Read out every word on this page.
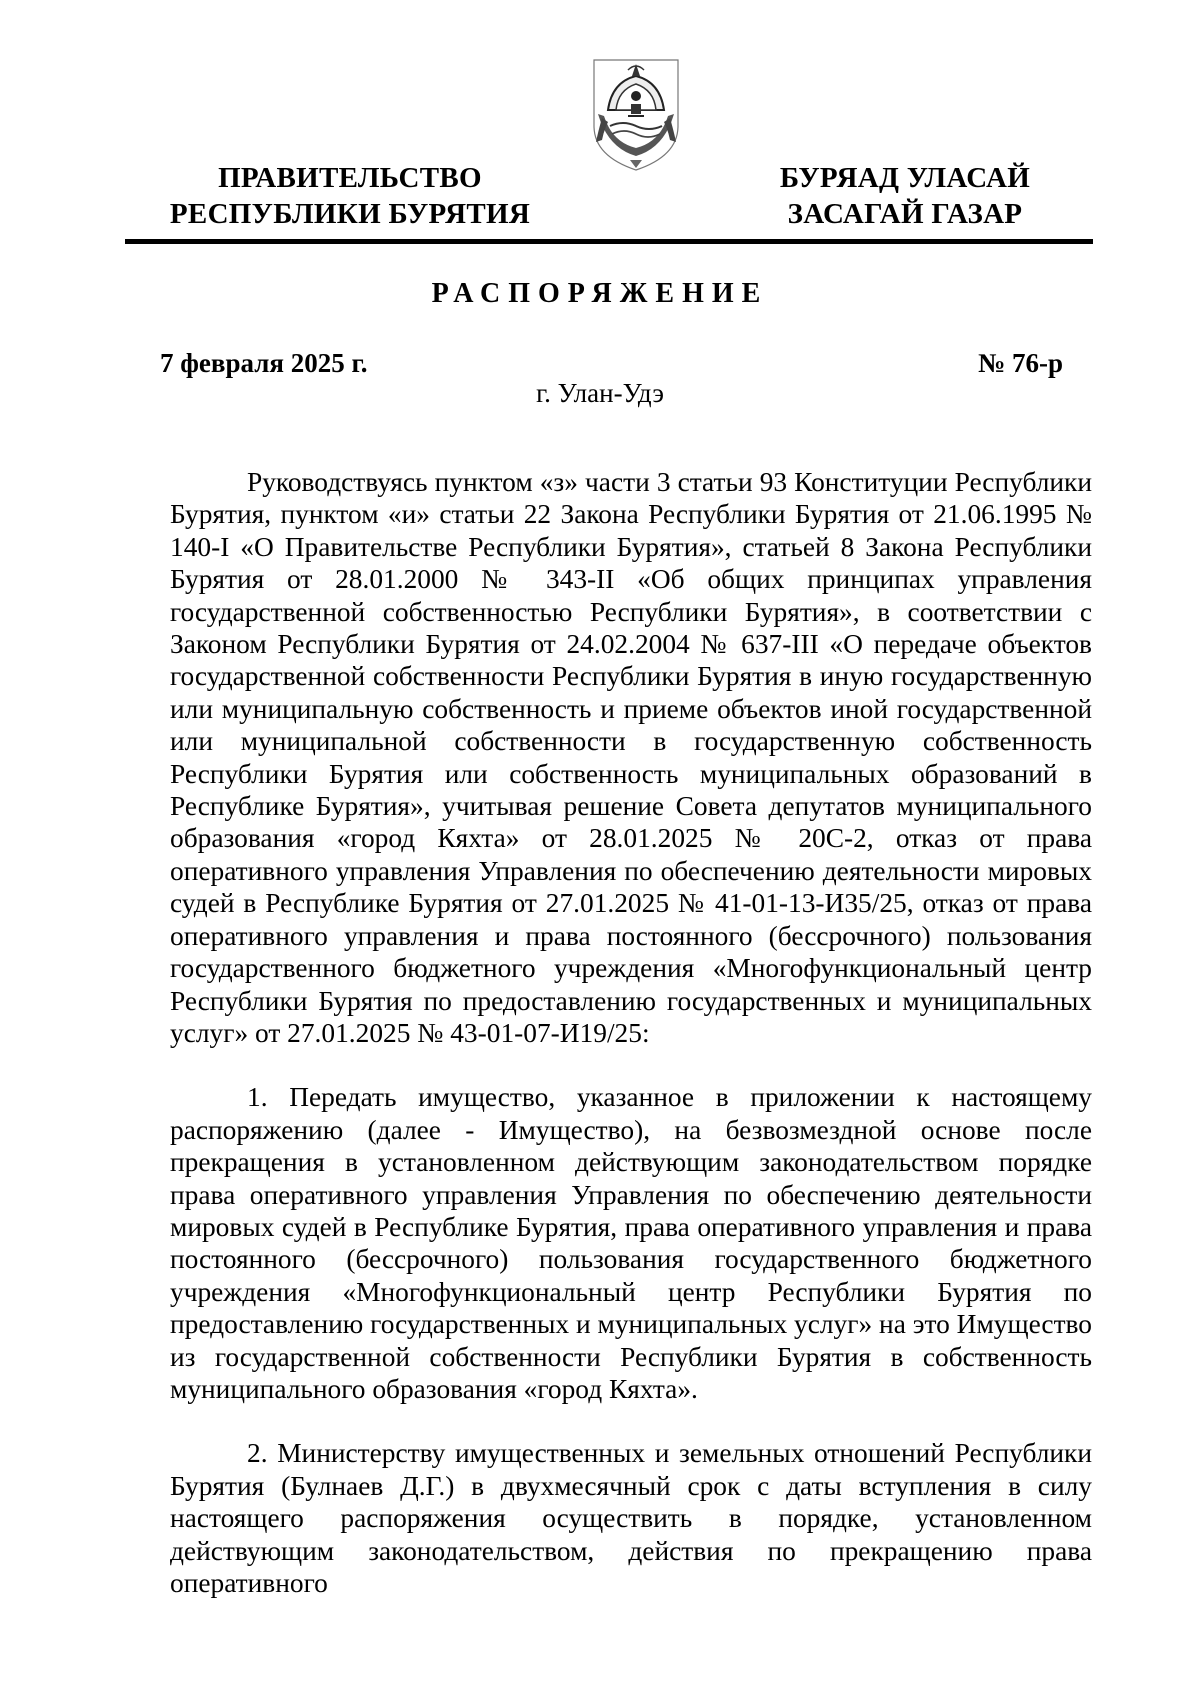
ПРАВИТЕЛЬСТВО
РЕСПУБЛИКИ БУРЯТИЯ
БУРЯАД УЛАСАЙ
ЗАСАГАЙ ГАЗАР
РАСПОРЯЖЕНИЕ
7 февраля 2025 г.	№ 76-р
г. Улан-Удэ

Руководствуясь пунктом «з» части 3 статьи 93 Конституции Республики Бурятия, пунктом «и» статьи 22 Закона Республики Бурятия от 21.06.1995 № 140-I «О Правительстве Республики Бурятия», статьей 8 Закона Республики Бурятия от 28.01.2000 № 343-II «Об общих принципах управления государственной собственностью Республики Бурятия», в соответствии с Законом Республики Бурятия от 24.02.2004 № 637-III «О передаче объектов государственной собственности Республики Бурятия в иную государственную или муниципальную собственность и приеме объектов иной государственной или муниципальной собственности в государственную собственность Республики Бурятия или собственность муниципальных образований в Республике Бурятия», учитывая решение Совета депутатов муниципального образования «город Кяхта» от 28.01.2025 № 20С-2, отказ от права оперативного управления Управления по обеспечению деятельности мировых судей в Республике Бурятия от 27.01.2025 № 41-01-13-И35/25, отказ от права оперативного управления и права постоянного (бессрочного) пользования государственного бюджетного учреждения «Многофункциональный центр Республики Бурятия по предоставлению государственных и муниципальных услуг» от 27.01.2025 № 43-01-07-И19/25:

1. Передать имущество, указанное в приложении к настоящему распоряжению (далее - Имущество), на безвозмездной основе после прекращения в установленном действующим законодательством порядке права оперативного управления Управления по обеспечению деятельности мировых судей в Республике Бурятия, права оперативного управления и права постоянного (бессрочного) пользования государственного бюджетного учреждения «Многофункциональный центр Республики Бурятия по предоставлению государственных и муниципальных услуг» на это Имущество из государственной собственности Республики Бурятия в собственность муниципального образования «город Кяхта».

2. Министерству имущественных и земельных отношений Республики Бурятия (Булнаев Д.Г.) в двухмесячный срок с даты вступления в силу настоящего распоряжения осуществить в порядке, установленном действующим законодательством, действия по прекращению права оперативного
